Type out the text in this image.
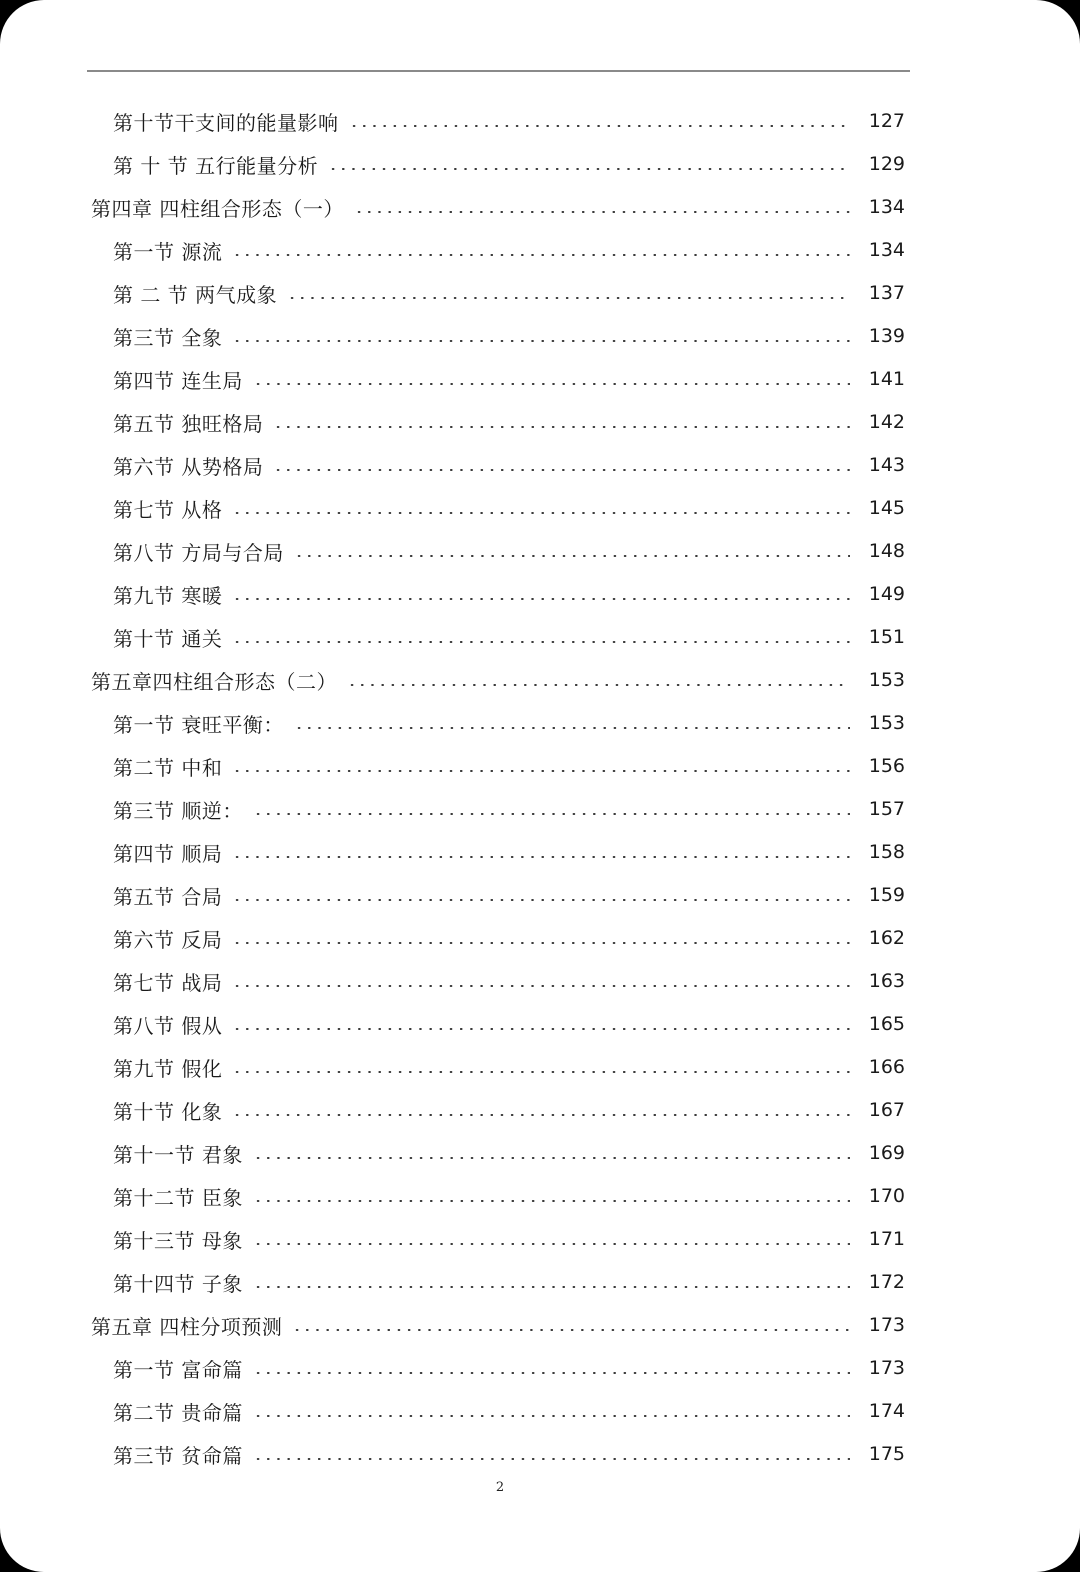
第十节干支间的能量影响	127
第 十 节 五行能量分析	129
第四章 四柱组合形态（一）	134
第一节 源流	134
第 二 节 两气成象	137
第三节 全象	139
第四节 连生局	141
第五节 独旺格局	142
第六节 从势格局	143
第七节 从格	145
第八节 方局与合局	148
第九节 寒暖	149
第十节 通关	151
第五章四柱组合形态（二）	153
第一节 衰旺平衡：	153
第二节 中和	156
第三节 顺逆：	157
第四节 顺局	158
第五节 合局	159
第六节 反局	162
第七节 战局	163
第八节 假从	165
第九节 假化	166
第十节 化象	167
第十一节 君象	169
第十二节 臣象	170
第十三节 母象	171
第十四节 子象	172
第五章 四柱分项预测	173
第一节 富命篇	173
第二节 贵命篇	174
第三节 贫命篇	175
2
